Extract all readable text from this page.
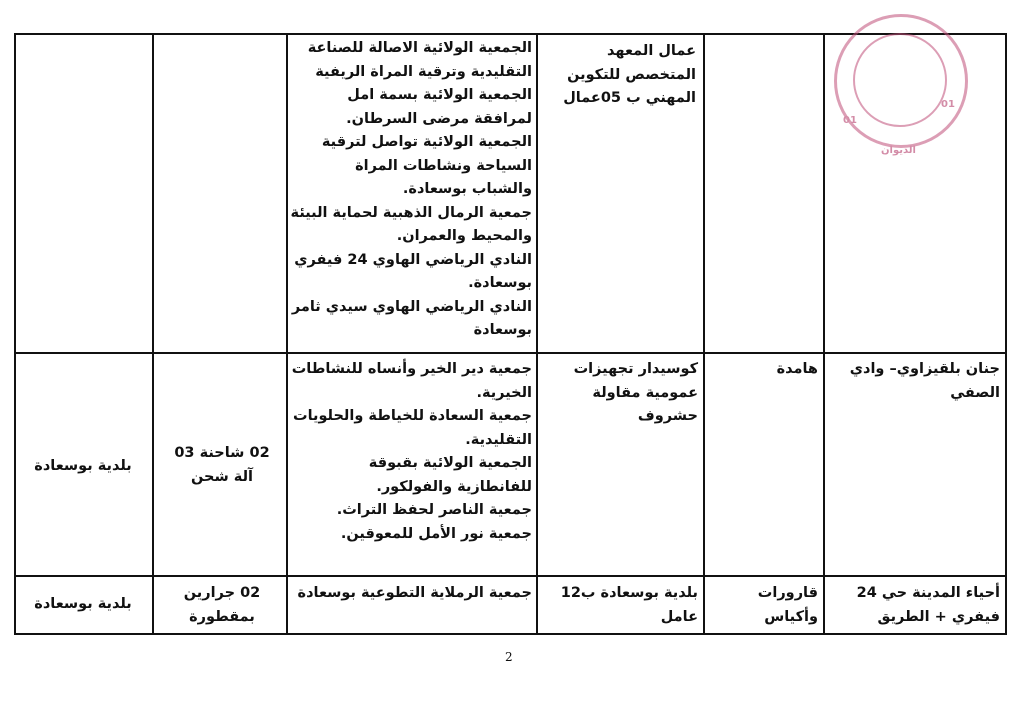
01
01
الديوان
عمال المعهد المتخصص للتكوين المهني ب 05عمال
الجمعية الولائية الاصالة للصناعة التقليدية وترقية المراة الريفية
الجمعية الولائية بسمة امل لمرافقة مرضى السرطان.
الجمعية الولائية تواصل لترقية السياحة ونشاطات المراة والشباب بوسعادة.
جمعية الرمال الذهبية لحماية البيئة والمحيط والعمران.
النادي الرياضي الهاوي 24 فيفري بوسعادة.
النادي الرياضي الهاوي سيدي ثامر بوسعادة
جنان بلقيزاوي– وادي الصفي
هامدة
كوسيدار تجهيزات عمومية مقاولة حشروف
جمعية دير الخير وأنساه للنشاطات الخيرية.
جمعية السعادة للخياطة والحلويات التقليدية.
الجمعية الولائية بقبوقة للفانطازية والفولكور.
جمعية الناصر لحفظ التراث.
جمعية نور الأمل للمعوقين.
02 شاحنة 03 آلة شحن
بلدية بوسعادة
أحياء المدينة حي 24 فيفري + الطريق
قارورات وأكياس
بلدية بوسعادة ب12 عامل
جمعية الرملاية التطوعية بوسعادة
02 جرارين بمقطورة
بلدية بوسعادة
2
